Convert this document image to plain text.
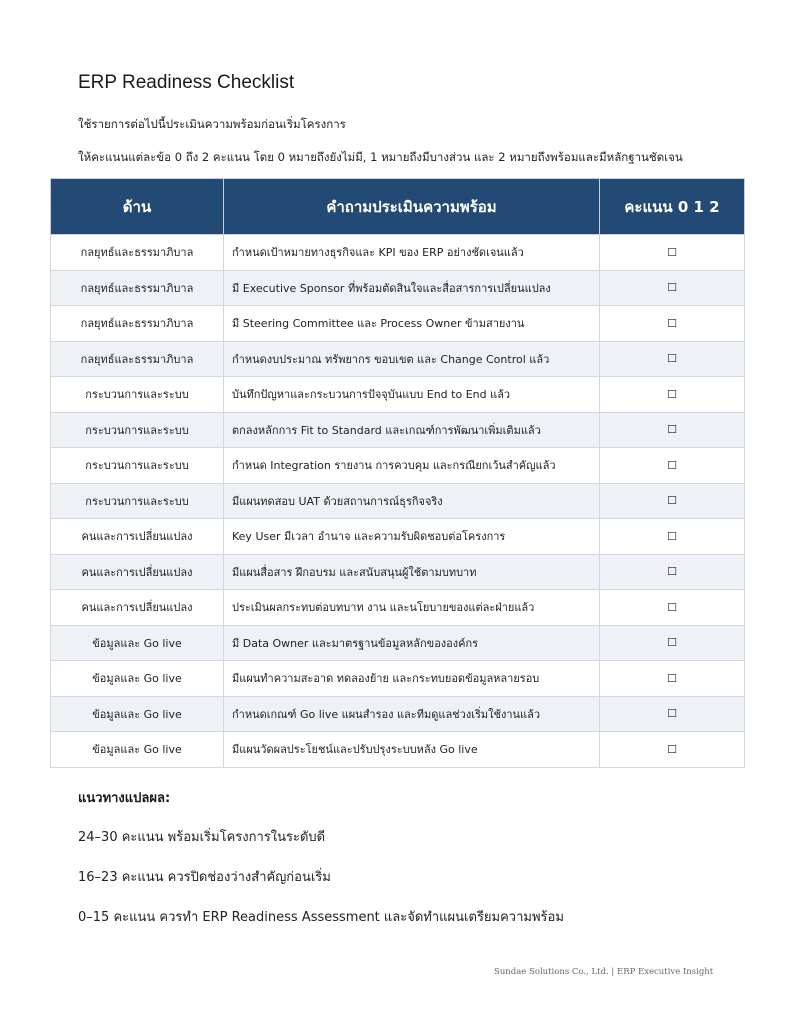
ERP Readiness Checklist

ใช้รายการต่อไปนี้ประเมินความพร้อมก่อนเริ่มโครงการ

ให้คะแนนแต่ละข้อ 0 ถึง 2 คะแนน โดย 0 หมายถึงยังไม่มี, 1 หมายถึงมีบางส่วน และ 2 หมายถึงพร้อมและมีหลักฐานชัดเจน

ด้าน	คำถามประเมินความพร้อม	คะแนน 0 1 2
กลยุทธ์และธรรมาภิบาล	กำหนดเป้าหมายทางธุรกิจและ KPI ของ ERP อย่างชัดเจนแล้ว	☐
กลยุทธ์และธรรมาภิบาล	มี Executive Sponsor ที่พร้อมตัดสินใจและสื่อสารการเปลี่ยนแปลง	☐
กลยุทธ์และธรรมาภิบาล	มี Steering Committee และ Process Owner ข้ามสายงาน	☐
กลยุทธ์และธรรมาภิบาล	กำหนดงบประมาณ ทรัพยากร ขอบเขต และ Change Control แล้ว	☐
กระบวนการและระบบ	บันทึกปัญหาและกระบวนการปัจจุบันแบบ End to End แล้ว	☐
กระบวนการและระบบ	ตกลงหลักการ Fit to Standard และเกณฑ์การพัฒนาเพิ่มเติมแล้ว	☐
กระบวนการและระบบ	กำหนด Integration รายงาน การควบคุม และกรณียกเว้นสำคัญแล้ว	☐
กระบวนการและระบบ	มีแผนทดสอบ UAT ด้วยสถานการณ์ธุรกิจจริง	☐
คนและการเปลี่ยนแปลง	Key User มีเวลา อำนาจ และความรับผิดชอบต่อโครงการ	☐
คนและการเปลี่ยนแปลง	มีแผนสื่อสาร ฝึกอบรม และสนับสนุนผู้ใช้ตามบทบาท	☐
คนและการเปลี่ยนแปลง	ประเมินผลกระทบต่อบทบาท งาน และนโยบายของแต่ละฝ่ายแล้ว	☐
ข้อมูลและ Go live	มี Data Owner และมาตรฐานข้อมูลหลักขององค์กร	☐
ข้อมูลและ Go live	มีแผนทำความสะอาด ทดลองย้าย และกระทบยอดข้อมูลหลายรอบ	☐
ข้อมูลและ Go live	กำหนดเกณฑ์ Go live แผนสำรอง และทีมดูแลช่วงเริ่มใช้งานแล้ว	☐
ข้อมูลและ Go live	มีแผนวัดผลประโยชน์และปรับปรุงระบบหลัง Go live	☐

แนวทางแปลผล:

24–30 คะแนน พร้อมเริ่มโครงการในระดับดี

16–23 คะแนน ควรปิดช่องว่างสำคัญก่อนเริ่ม

0–15 คะแนน ควรทำ ERP Readiness Assessment และจัดทำแผนเตรียมความพร้อม

Sundae Solutions Co., Ltd. | ERP Executive Insight
